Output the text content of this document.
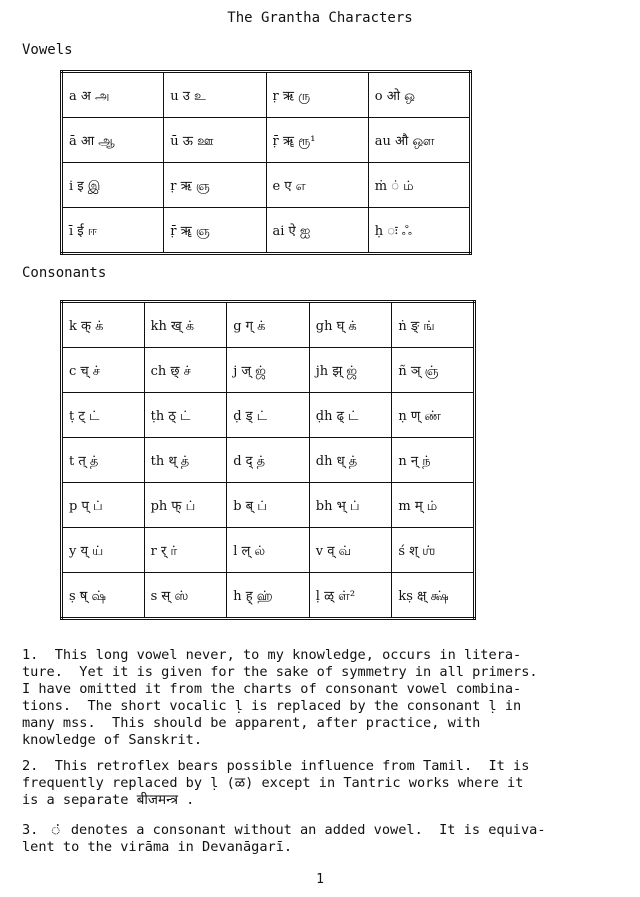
The Grantha Characters
Vowels
a अ அ	u उ உ	ṛ ऋ ரு	o ओ ஒ
ā आ ஆ	ū ऊ ஊ	ṝ ॠ ரூ¹	au औ ஔ
i इ இ	ṛ ऋ ஞ	e ए எ	ṁ ं ம்
ī ई ஈ	ṝ ॠ ஞ	ai ऐ ஐ	ḥ ः ஃ
Consonants
k क् க்	kh ख् க்	g ग् க்	gh घ् க்	ṅ ङ् ங்
c च् ச்	ch छ् ச்	j ज् ஜ்	jh झ् ஜ்	ñ ञ् ஞ்
ṭ ट् ட்	ṭh ठ् ட்	ḍ ड् ட்	ḍh ढ् ட்	ṇ ण् ண்
t त् த்	th थ् த்	d द् த்	dh ध् த்	n न् ந்
p प् ப்	ph फ् ப்	b ब् ப்	bh भ् ப்	m म् ம்
y य् ய்	r र् ர்	l ल् ல்	v व् வ்	ś श् ஶ்
ṣ ष् ஷ்	s स् ஸ்	h ह् ஹ்	ḷ ळ् ள்²	kṣ क्ष् க்ஷ்
1.  This long vowel never, to my knowledge, occurs in litera-
ture.  Yet it is given for the sake of symmetry in all primers.
I have omitted it from the charts of consonant vowel combina-
tions.  The short vocalic ḷ is replaced by the consonant ḷ in
many mss.  This should be apparent, after practice, with
knowledge of Sanskrit.
2.  This retroflex bears possible influence from Tamil.  It is
frequently replaced by ḷ (ळ) except in Tantric works where it
is a separate बीजमन्त्र .
3.  ் denotes a consonant without an added vowel.  It is equiva-
lent to the virāma in Devanāgarī.
1
